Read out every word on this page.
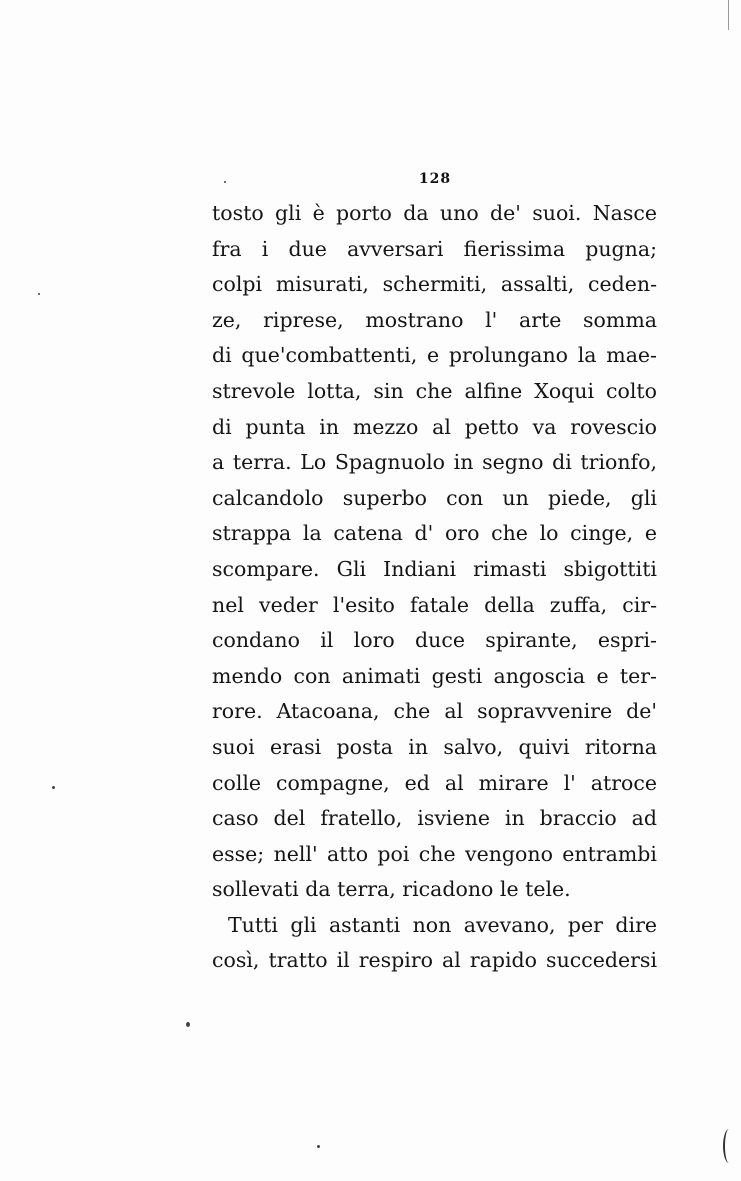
128
tosto gli è porto da uno de' suoi. Nasce
fra i due avversari fierissima pugna;
colpi misurati, schermiti, assalti, ceden-
ze, riprese, mostrano l' arte somma
di que'combattenti, e prolungano la mae-
strevole lotta, sin che alfine Xoqui colto
di punta in mezzo al petto va rovescio
a terra. Lo Spagnuolo in segno di trionfo,
calcandolo superbo con un piede, gli
strappa la catena d' oro che lo cinge, e
scompare. Gli Indiani rimasti sbigottiti
nel veder l'esito fatale della zuffa, cir-
condano il loro duce spirante, espri-
mendo con animati gesti angoscia e ter-
rore. Atacoana, che al sopravvenire de'
suoi erasi posta in salvo, quivi ritorna
colle compagne, ed al mirare l' atroce
caso del fratello, isviene in braccio ad
esse; nell' atto poi che vengono entrambi
sollevati da terra, ricadono le tele.
Tutti gli astanti non avevano, per dire
così, tratto il respiro al rapido succedersi
